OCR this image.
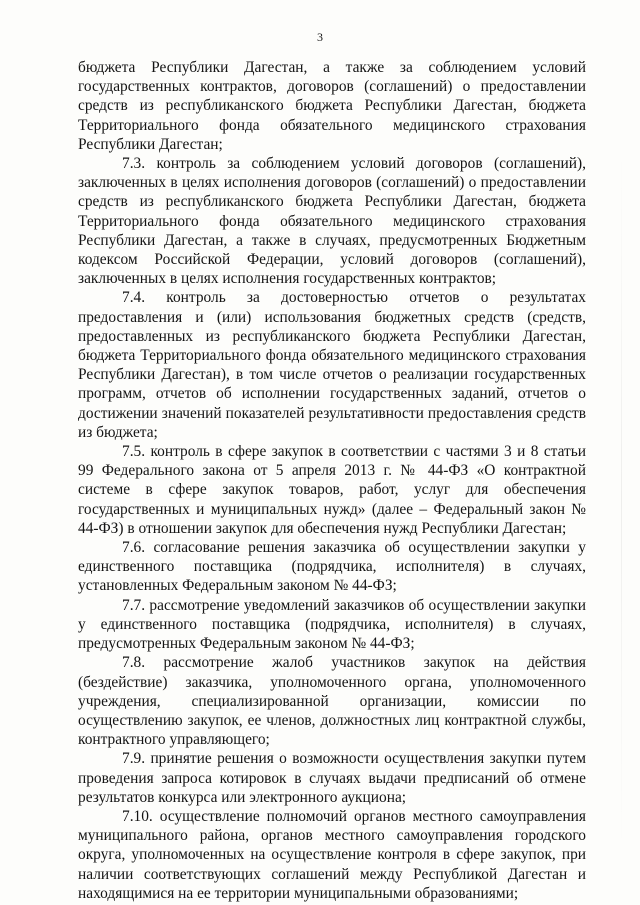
3

бюджета Республики Дагестан, а также за соблюдением условий государственных контрактов, договоров (соглашений) о предоставлении средств из республиканского бюджета Республики Дагестан, бюджета Территориального фонда обязательного медицинского страхования Республики Дагестан;

7.3. контроль за соблюдением условий договоров (соглашений), заключенных в целях исполнения договоров (соглашений) о предоставлении средств из республиканского бюджета Республики Дагестан, бюджета Территориального фонда обязательного медицинского страхования Республики Дагестан, а также в случаях, предусмотренных Бюджетным кодексом Российской Федерации, условий договоров (соглашений), заключенных в целях исполнения государственных контрактов;

7.4. контроль за достоверностью отчетов о результатах предоставления и (или) использования бюджетных средств (средств, предоставленных из республиканского бюджета Республики Дагестан, бюджета Территориального фонда обязательного медицинского страхования Республики Дагестан), в том числе отчетов о реализации государственных программ, отчетов об исполнении государственных заданий, отчетов о достижении значений показателей результативности предоставления средств из бюджета;

7.5. контроль в сфере закупок в соответствии с частями 3 и 8 статьи 99 Федерального закона от 5 апреля 2013 г. № 44-ФЗ «О контрактной системе в сфере закупок товаров, работ, услуг для обеспечения государственных и муниципальных нужд» (далее – Федеральный закон № 44-ФЗ) в отношении закупок для обеспечения нужд Республики Дагестан;

7.6. согласование решения заказчика об осуществлении закупки у единственного поставщика (подрядчика, исполнителя) в случаях, установленных Федеральным законом № 44-ФЗ;

7.7. рассмотрение уведомлений заказчиков об осуществлении закупки у единственного поставщика (подрядчика, исполнителя) в случаях, предусмотренных Федеральным законом № 44-ФЗ;

7.8. рассмотрение жалоб участников закупок на действия (бездействие) заказчика, уполномоченного органа, уполномоченного учреждения, специализированной организации, комиссии по осуществлению закупок, ее членов, должностных лиц контрактной службы, контрактного управляющего;

7.9. принятие решения о возможности осуществления закупки путем проведения запроса котировок в случаях выдачи предписаний об отмене результатов конкурса или электронного аукциона;

7.10. осуществление полномочий органов местного самоуправления муниципального района, органов местного самоуправления городского округа, уполномоченных на осуществление контроля в сфере закупок, при наличии соответствующих соглашений между Республикой Дагестан и находящимися на ее территории муниципальными образованиями;
